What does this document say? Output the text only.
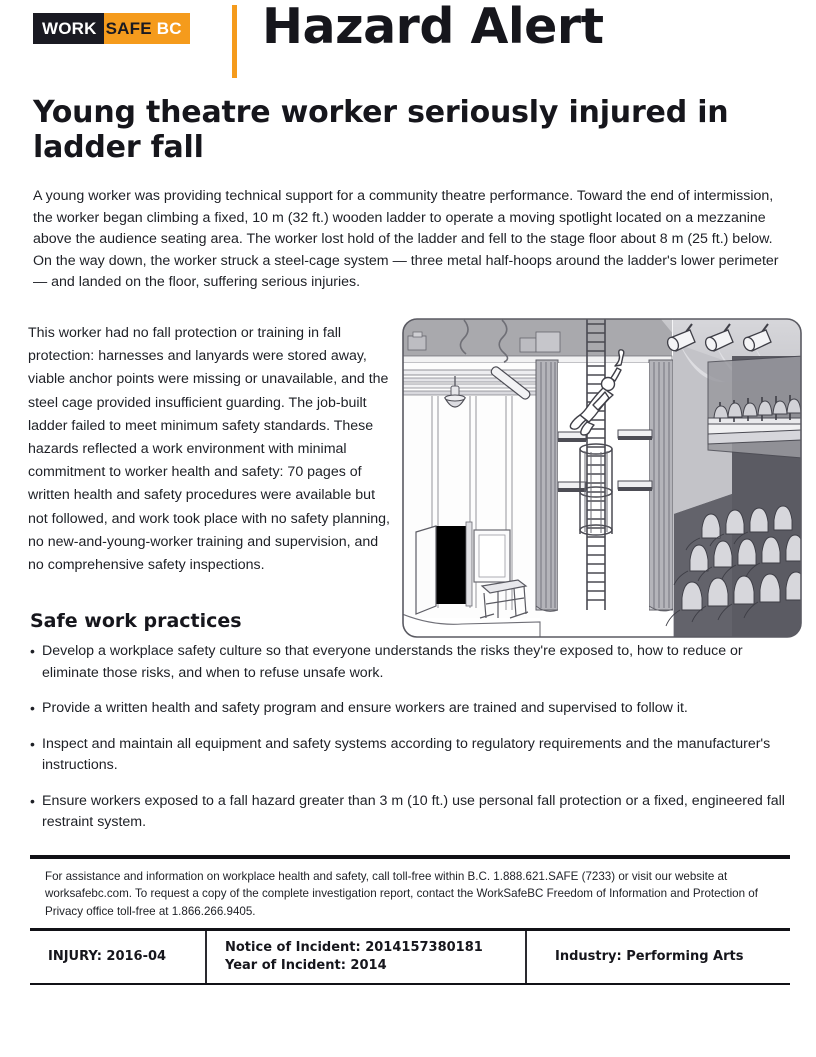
WORK SAFE BC Hazard Alert
Young theatre worker seriously injured in ladder fall
A young worker was providing technical support for a community theatre performance. Toward the end of intermission, the worker began climbing a fixed, 10 m (32 ft.) wooden ladder to operate a moving spotlight located on a mezzanine above the audience seating area. The worker lost hold of the ladder and fell to the stage floor about 8 m (25 ft.) below. On the way down, the worker struck a steel-cage system — three metal half-hoops around the ladder's lower perimeter — and landed on the floor, suffering serious injuries.
This worker had no fall protection or training in fall protection: harnesses and lanyards were stored away, viable anchor points were missing or unavailable, and the steel cage provided insufficient guarding. The job-built ladder failed to meet minimum safety standards. These hazards reflected a work environment with minimal commitment to worker health and safety: 70 pages of written health and safety procedures were available but not followed, and work took place with no safety planning, no new-and-young-worker training and supervision, and no comprehensive safety inspections.
Safe work practices
• Develop a workplace safety culture so that everyone understands the risks they're exposed to, how to reduce or eliminate those risks, and when to refuse unsafe work.
• Provide a written health and safety program and ensure workers are trained and supervised to follow it.
• Inspect and maintain all equipment and safety systems according to regulatory requirements and the manufacturer's instructions.
• Ensure workers exposed to a fall hazard greater than 3 m (10 ft.) use personal fall protection or a fixed, engineered fall restraint system.
For assistance and information on workplace health and safety, call toll-free within B.C. 1.888.621.SAFE (7233) or visit our website at worksafebc.com. To request a copy of the complete investigation report, contact the WorkSafeBC Freedom of Information and Protection of Privacy office toll-free at 1.866.266.9405.
INJURY: 2016-04
Notice of Incident: 2014157380181
Year of Incident: 2014
Industry: Performing Arts
